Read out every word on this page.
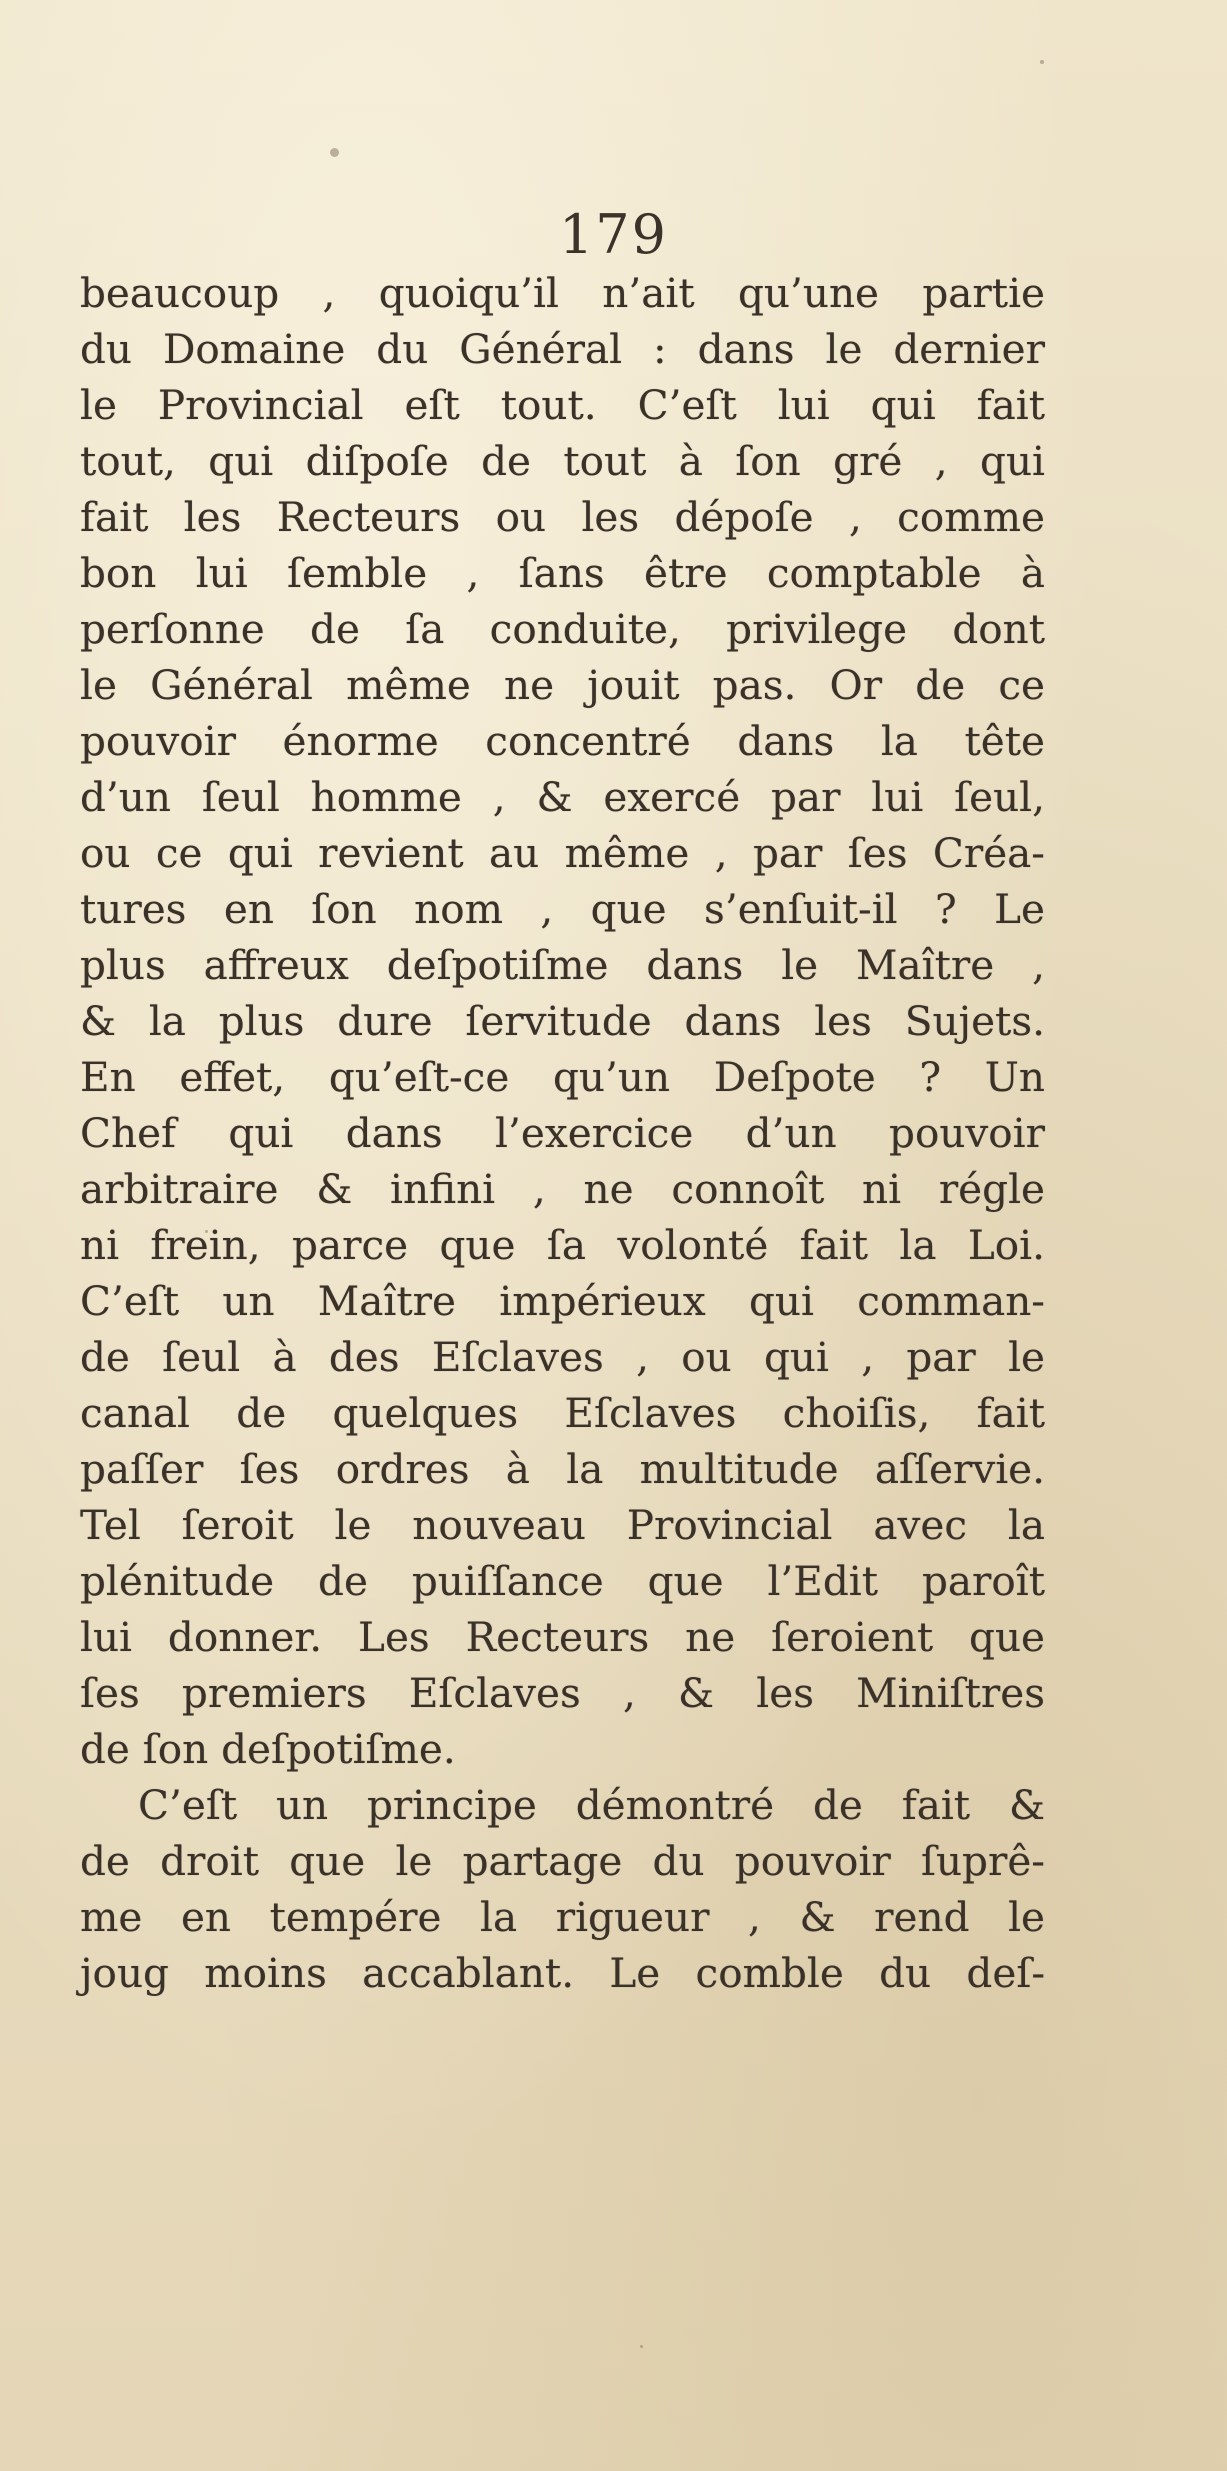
179
beaucoup , quoiqu’il n’ait qu’une partie
du Domaine du Général : dans le dernier
le Provincial eſt tout. C’eſt lui qui fait
tout, qui diſpoſe de tout à ſon gré , qui
fait les Recteurs ou les dépoſe , comme
bon lui ſemble , ſans être comptable à
perſonne de ſa conduite, privilege dont
le Général même ne jouit pas. Or de ce
pouvoir énorme concentré dans la tête
d’un ſeul homme , & exercé par lui ſeul,
ou ce qui revient au même , par ſes Créa-
tures en ſon nom , que s’enſuit-il ? Le
plus affreux deſpotiſme dans le Maître ,
& la plus dure ſervitude dans les Sujets.
En effet, qu’eſt-ce qu’un Deſpote ? Un
Chef qui dans l’exercice d’un pouvoir
arbitraire & infini , ne connoît ni régle
ni frein, parce que ſa volonté fait la Loi.
C’eſt un Maître impérieux qui comman-
de ſeul à des Eſclaves , ou qui , par le
canal de quelques Eſclaves choiſis, fait
paſſer ſes ordres à la multitude aſſervie.
Tel ſeroit le nouveau Provincial avec la
plénitude de puiſſance que l’Edit paroît
lui donner. Les Recteurs ne ſeroient que
ſes premiers Eſclaves , & les Miniſtres
de ſon deſpotiſme.
C’eſt un principe démontré de fait &
de droit que le partage du pouvoir ſuprê-
me en tempére la rigueur , & rend le
joug moins accablant. Le comble du deſ-
